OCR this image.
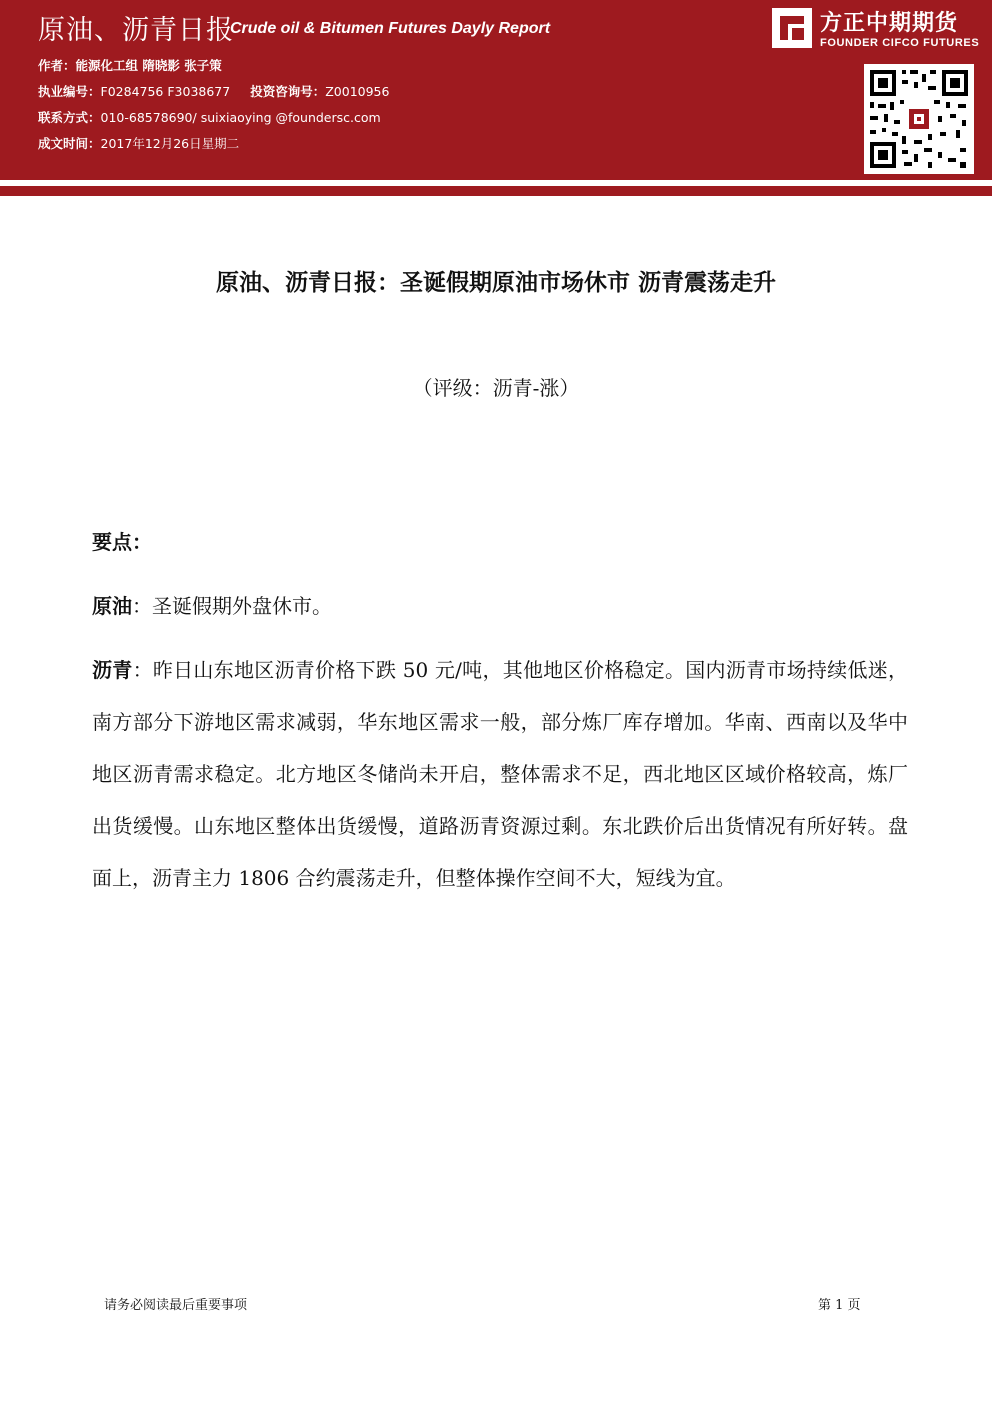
原油、沥青日报
Crude oil & Bitumen Futures Dayly Report
作者：能源化工组 隋晓影 张子策
执业编号：F0284756 F3038677 投资咨询号：Z0010956
联系方式：010-68578690/ suixiaoying @foundersc.com
成文时间：2017年12月26日星期二
方正中期期货
FOUNDER CIFCO FUTURES
原油、沥青日报：圣诞假期原油市场休市 沥青震荡走升
（评级：沥青-涨）
要点：
原油：圣诞假期外盘休市。
沥青：昨日山东地区沥青价格下跌 50 元/吨，其他地区价格稳定。国内沥青市场持续低迷，南方部分下游地区需求减弱，华东地区需求一般，部分炼厂库存增加。华南、西南以及华中地区沥青需求稳定。北方地区冬储尚未开启，整体需求不足，西北地区区域价格较高，炼厂出货缓慢。山东地区整体出货缓慢，道路沥青资源过剩。东北跌价后出货情况有所好转。盘面上，沥青主力 1806 合约震荡走升，但整体操作空间不大，短线为宜。
请务必阅读最后重要事项	第 1 页
